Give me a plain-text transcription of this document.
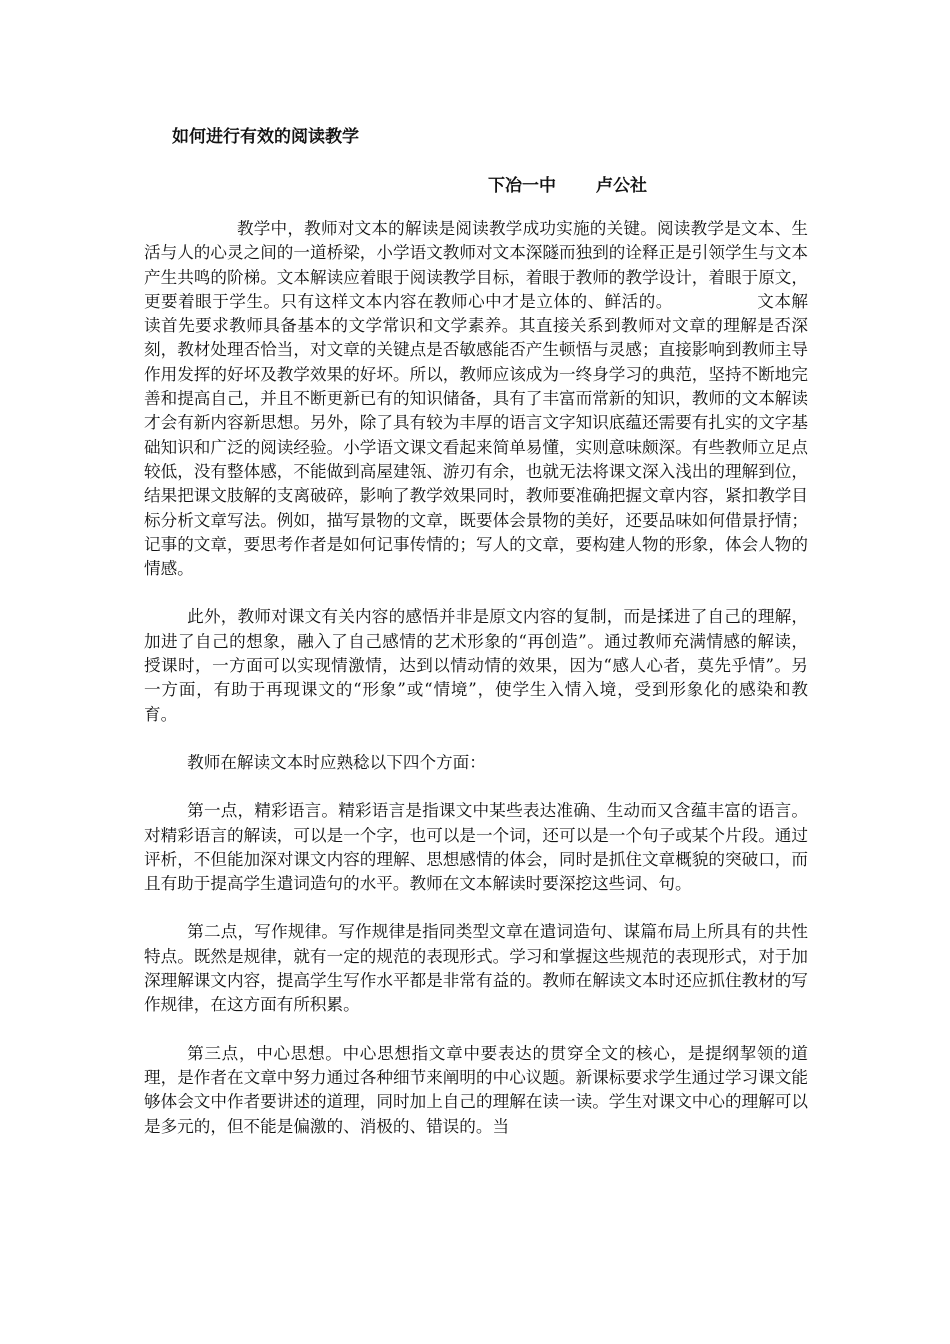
如何进行有效的阅读教学
下冶一中 卢公社

教学中，教师对文本的解读是阅读教学成功实施的关键。阅读教学是文本、生活与人的心灵之间的一道桥梁，小学语文教师对文本深隧而独到的诠释正是引领学生与文本产生共鸣的阶梯。文本解读应着眼于阅读教学目标，着眼于教师的教学设计，着眼于原文，更要着眼于学生。只有这样文本内容在教师心中才是立体的、鲜活的。	文本解读首先要求教师具备基本的文学常识和文学素养。其直接关系到教师对文章的理解是否深刻，教材处理否恰当，对文章的关键点是否敏感能否产生顿悟与灵感；直接影响到教师主导作用发挥的好坏及教学效果的好坏。所以，教师应该成为一终身学习的典范，坚持不断地完善和提高自己，并且不断更新已有的知识储备，具有了丰富而常新的知识，教师的文本解读才会有新内容新思想。另外，除了具有较为丰厚的语言文字知识底蕴还需要有扎实的文字基础知识和广泛的阅读经验。小学语文课文看起来简单易懂，实则意味颇深。有些教师立足点较低，没有整体感，不能做到高屋建瓴、游刃有余，也就无法将课文深入浅出的理解到位，结果把课文肢解的支离破碎，影响了教学效果同时，教师要准确把握文章内容，紧扣教学目标分析文章写法。例如，描写景物的文章，既要体会景物的美好，还要品味如何借景抒情；记事的文章，要思考作者是如何记事传情的；写人的文章，要构建人物的形象，体会人物的情感。

此外，教师对课文有关内容的感悟并非是原文内容的复制，而是揉进了自己的理解，加进了自己的想象，融入了自己感情的艺术形象的“再创造”。通过教师充满情感的解读，授课时，一方面可以实现情激情，达到以情动情的效果，因为“感人心者，莫先乎情”。另一方面，有助于再现课文的“形象”或“情境”，使学生入情入境，受到形象化的感染和教育。

教师在解读文本时应熟稔以下四个方面：

第一点，精彩语言。精彩语言是指课文中某些表达准确、生动而又含蕴丰富的语言。对精彩语言的解读，可以是一个字，也可以是一个词，还可以是一个句子或某个片段。通过评析，不但能加深对课文内容的理解、思想感情的体会，同时是抓住文章概貌的突破口，而且有助于提高学生遣词造句的水平。教师在文本解读时要深挖这些词、句。

第二点，写作规律。写作规律是指同类型文章在遣词造句、谋篇布局上所具有的共性特点。既然是规律，就有一定的规范的表现形式。学习和掌握这些规范的表现形式，对于加深理解课文内容，提高学生写作水平都是非常有益的。教师在解读文本时还应抓住教材的写作规律，在这方面有所积累。

第三点，中心思想。中心思想指文章中要表达的贯穿全文的核心，是提纲挈领的道理，是作者在文章中努力通过各种细节来阐明的中心议题。新课标要求学生通过学习课文能够体会文中作者要讲述的道理，同时加上自己的理解在读一读。学生对课文中心的理解可以是多元的，但不能是偏激的、消极的、错误的。当
